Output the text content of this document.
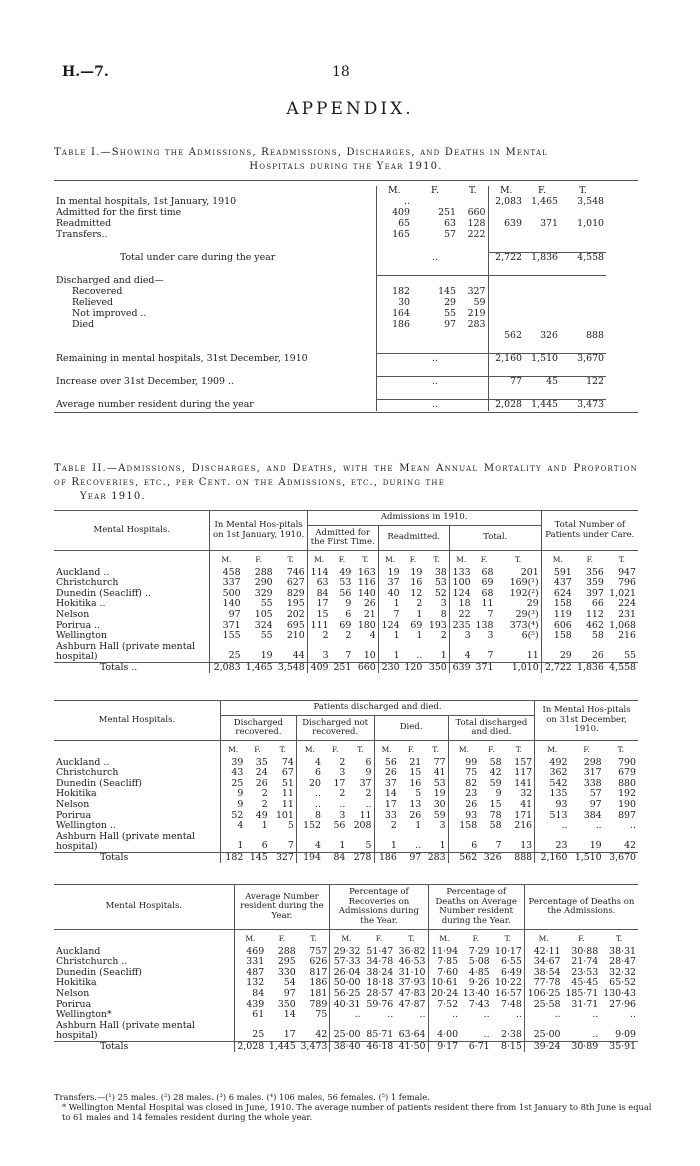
H.—7.	18
APPENDIX.
Table I.—Showing the Admissions, Readmissions, Discharges, and Deaths in Mental
Hospitals during the Year 1910.
	M.	F.	T.	M.	F.	T.
In mental hospitals, 1st January, 1910	..			2,083	1,465	3,548
Admitted for the first time	409	251	660			
Readmitted	65	63	128	639	371	1,010
Transfers..	165	57	222			

Total under care during the year		..		2,722	1,836	4,558

Discharged and died—						
Recovered	182	145	327			
Relieved	30	29	59			
Not improved ..	164	55	219			
Died	186	97	283			
				562	326	888

Remaining in mental hospitals, 31st December, 1910		..		2,160	1,510	3,670

Increase over 31st December, 1909 ..		..		77	45	122

Average number resident during the year		..		2,028	1,445	3,473
Table II.—Admissions, Discharges, and Deaths, with the Mean Annual Mortality and Proportion of Recoveries, etc., per Cent. on the Admissions, etc., during the
Year 1910.
Mental Hospitals.	In Mental Hos-pitals on 1st January, 1910.			Admissions in 1910.									Total Number of Patients under Care.		
				Admitted for the First Time.			Readmitted.			Total.					
	M.	F.	T.	M.	F.	T.	M.	F.	T.	M.	F.	T.	M.	F.	T.
Auckland ..	458	288	746	114	49	163	19	19	38	133	68	201	591	356	947
Christchurch	337	290	627	63	53	116	37	16	53	100	69	169(¹)	437	359	796
Dunedin (Seacliff) ..	500	329	829	84	56	140	40	12	52	124	68	192(²)	624	397	1,021
Hokitika ..	140	55	195	17	9	26	1	2	3	18	11	29	158	66	224
Nelson	97	105	202	15	6	21	7	1	8	22	7	29(³)	119	112	231
Porirua ..	371	324	695	111	69	180	124	69	193	235	138	373(⁴)	606	462	1,068
Wellington	155	55	210	2	2	4	1	1	2	3	3	6(⁵)	158	58	216
Ashburn Hall (private mental hospital)	25	19	44	3	7	10	1	..	1	4	7	11	29	26	55
Totals ..	2,083	1,465	3,548	409	251	660	230	120	350	639	371	1,010	2,722	1,836	4,558
Mental Hospitals.	Patients discharged and died.												In Mental Hos-pitals on 31st December, 1910.		
	Discharged recovered.			Discharged not recovered.			Died.			Total discharged and died.					
	M.	F.	T.	M.	F.	T.	M.	F.	T.	M.	F.	T.	M.	F.	T.
Auckland ..	39	35	74	4	2	6	56	21	77	99	58	157	492	298	790
Christchurch	43	24	67	6	3	9	26	15	41	75	42	117	362	317	679
Dunedin (Seacliff)	25	26	51	20	17	37	37	16	53	82	59	141	542	338	880
Hokitika	9	2	11	..	2	2	14	5	19	23	9	32	135	57	192
Nelson	9	2	11	..	..	..	17	13	30	26	15	41	93	97	190
Porirua	52	49	101	8	3	11	33	26	59	93	78	171	513	384	897
Wellington ..	4	1	5	152	56	208	2	1	3	158	58	216	..	..	..
Ashburn Hall (private mental hospital)	1	6	7	4	1	5	1	..	1	6	7	13	23	19	42
Totals	182	145	327	194	84	278	186	97	283	562	326	888	2,160	1,510	3,670
Mental Hospitals.	Average Number resident during the Year.			Percentage of Recoveries on Admissions during the Year.			Percentage of Deaths on Average Number resident during the Year.			Percentage of Deaths on the Admissions.		
	M.	F.	T.	M.	F.	T.	M.	F.	T.	M.	F.	T.
Auckland	469	288	757	29·32	51·47	36·82	11·94	7·29	10·17	42·11	30·88	38·31
Christchurch ..	331	295	626	57·33	34·78	46·53	7·85	5·08	6·55	34·67	21·74	28·47
Dunedin (Seacliff)	487	330	817	26·04	38·24	31·10	7·60	4·85	6·49	38·54	23·53	32·32
Hokitika	132	54	186	50·00	18·18	37·93	10·61	9·26	10·22	77·78	45·45	65·52
Nelson	84	97	181	56·25	28·57	47·83	20·24	13·40	16·57	106·25	185·71	130·43
Porirua	439	350	789	40·31	59·76	47·87	7·52	7·43	7·48	25·58	31·71	27·96
Wellington*	61	14	75	..	..	..	..	..	..	..	..	..
Ashburn Hall (private mental hospital)	25	17	42	25·00	85·71	63·64	4·00	..	2·38	25·00	..	9·09
Totals	2,028	1,445	3,473	38·40	46·18	41·50	9·17	6·71	8·15	39·24	30·89	35·91

Transfers.—(¹) 25 males. (²) 28 males. (³) 6 males. (⁴) 106 males, 56 females. (⁵) 1 female.

* Wellington Mental Hospital was closed in June, 1910. The average number of patients resident there from 1st January to 8th June is equal to 61 males and 14 females resident during the whole year.
